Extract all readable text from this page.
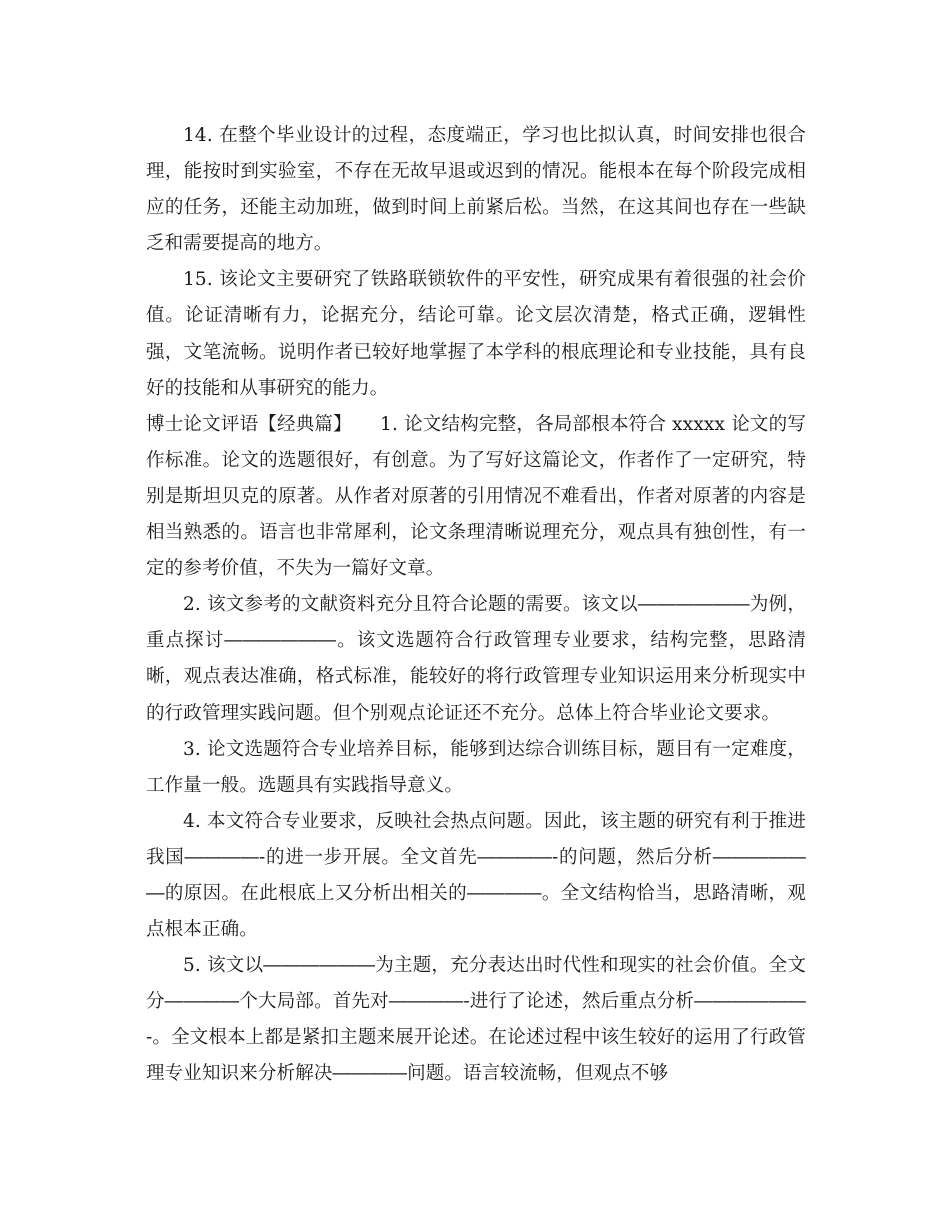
14. 在整个毕业设计的过程，态度端正，学习也比拟认真，时间安排也很合理，能按时到实验室，不存在无故早退或迟到的情况。能根本在每个阶段完成相应的任务，还能主动加班，做到时间上前紧后松。当然，在这其间也存在一些缺乏和需要提高的地方。

15. 该论文主要研究了铁路联锁软件的平安性，研究成果有着很强的社会价值。论证清晰有力，论据充分，结论可靠。论文层次清楚，格式正确，逻辑性强，文笔流畅。说明作者已较好地掌握了本学科的根底理论和专业技能，具有良好的技能和从事研究的能力。

博士论文评语【经典篇】　　1. 论文结构完整，各局部根本符合 xxxxx 论文的写作标准。论文的选题很好，有创意。为了写好这篇论文，作者作了一定研究，特别是斯坦贝克的原著。从作者对原著的引用情况不难看出，作者对原著的内容是相当熟悉的。语言也非常犀利，论文条理清晰说理充分，观点具有独创性，有一定的参考价值，不失为一篇好文章。

2. 该文参考的文献资料充分且符合论题的需要。该文以――――――为例，重点探讨――――――。该文选题符合行政管理专业要求，结构完整，思路清晰，观点表达准确，格式标准，能较好的将行政管理专业知识运用来分析现实中的行政管理实践问题。但个别观点论证还不充分。总体上符合毕业论文要求。

3. 论文选题符合专业培养目标，能够到达综合训练目标，题目有一定难度，工作量一般。选题具有实践指导意义。

4. 本文符合专业要求，反映社会热点问题。因此，该主题的研究有利于推进我国――――-的进一步开展。全文首先――――-的问题，然后分析――――――的原因。在此根底上又分析出相关的――――。全文结构恰当，思路清晰，观点根本正确。

5. 该文以――――――为主题，充分表达出时代性和现实的社会价值。全文分――――个大局部。首先对――――-进行了论述，然后重点分析――――――-。全文根本上都是紧扣主题来展开论述。在论述过程中该生较好的运用了行政管理专业知识来分析解决――――问题。语言较流畅，但观点不够
